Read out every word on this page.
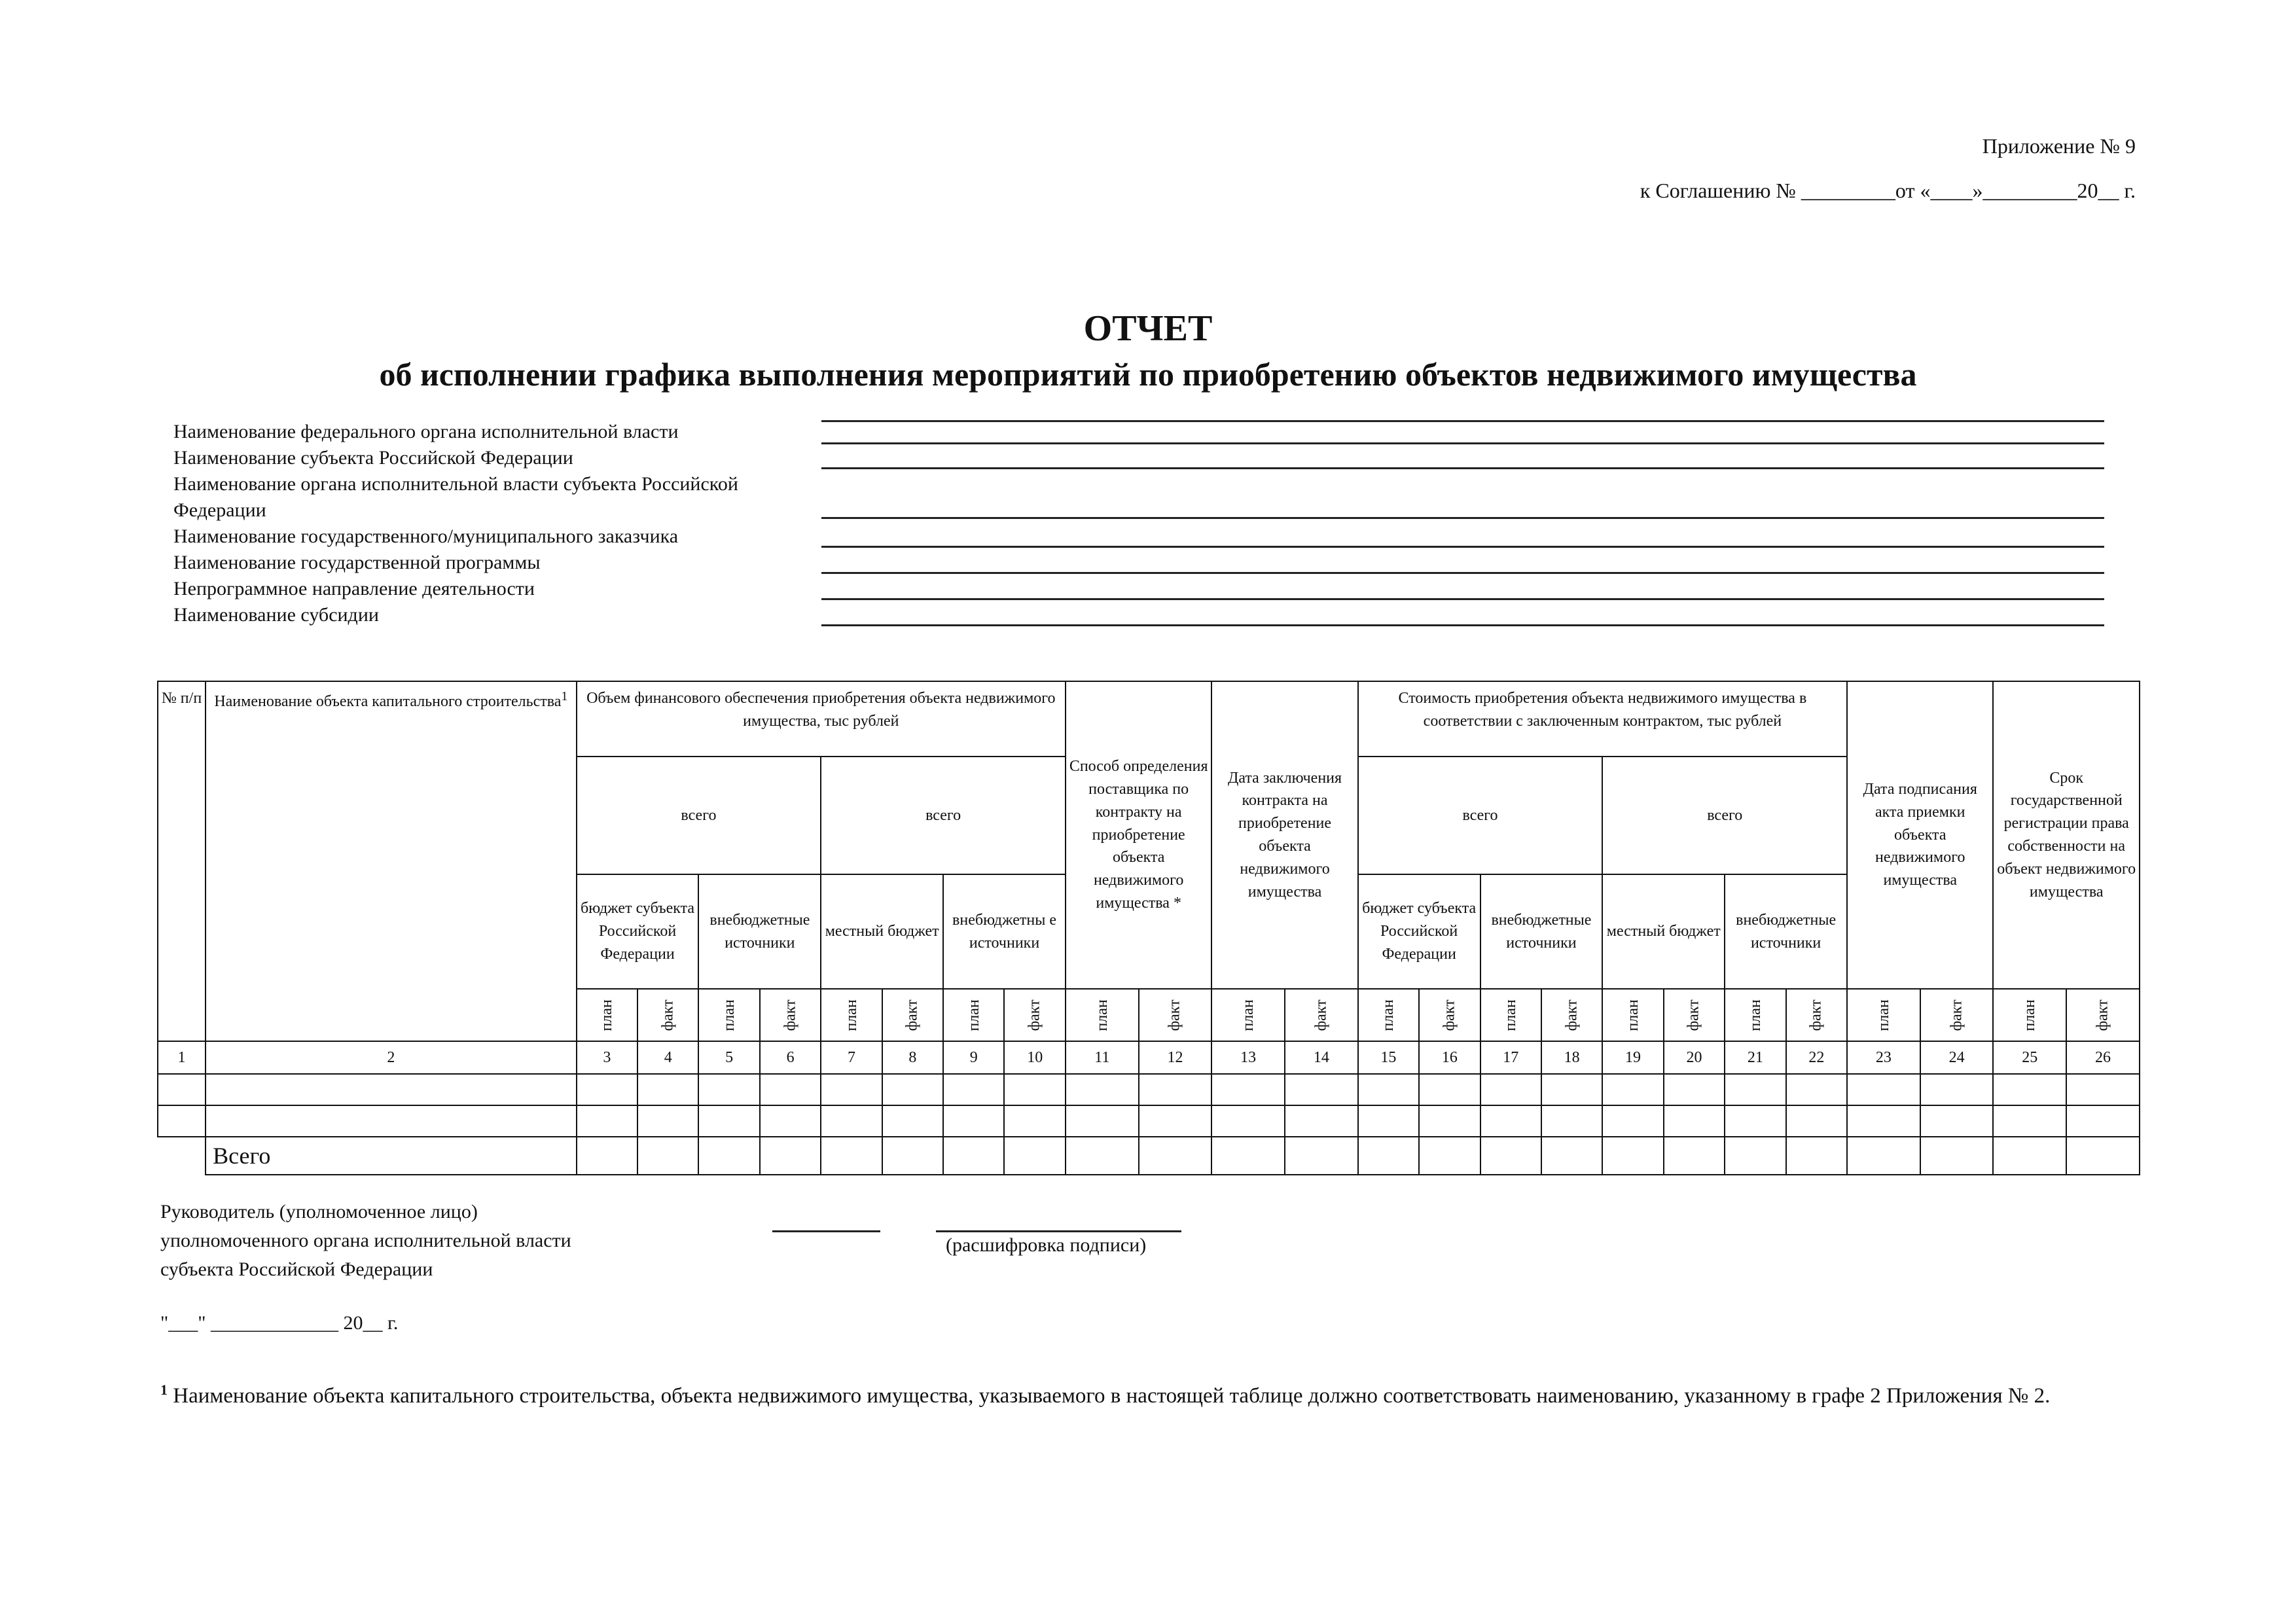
Приложение № 9
к Соглашению № _________от «____»_________20__ г.
ОТЧЕТ
об исполнении графика выполнения мероприятий по приобретению объектов недвижимого имущества
Наименование федерального органа исполнительной власти
Наименование субъекта Российской Федерации
Наименование органа исполнительной власти субъекта Российской Федерации
Наименование государственного/муниципального заказчика
Наименование государственной программы
Непрограммное направление деятельности
Наименование субсидии
№ п/п	Наименование объекта капитального строительства$^1$	Объем финансового обеспечения приобретения объекта недвижимого имущества, тыс рублей								Способ определения поставщика по контракту на приобретение объекта недвижимого имущества *		Дата заключения контракта на приобретение объекта недвижимого имущества		Стоимость приобретения объекта недвижимого имущества в соответствии с заключенным контрактом, тыс рублей								Дата подписания акта приемки объекта недвижимого имущества		Срок государственной регистрации права собственности на объект недвижимого имущества	
		всего				всего								всего				всего							
		бюджет субъекта Российской Федерации		внебюджетные источники		местный бюджет		внебюджетны е источники						бюджет субъекта Российской Федерации		внебюджетные источники		местный бюджет		внебюджетные источники					
		план	факт	план	факт	план	факт	план	факт	план	факт	план	факт	план	факт	план	факт	план	факт	план	факт	план	факт	план	факт
1	2	3	4	5	6	7	8	9	10	11	12	13	14	15	16	17	18	19	20	21	22	23	24	25	26

	Всего																								
Руководитель (уполномоченное лицо)
уполномоченного органа исполнительной власти
субъекта Российской Федерации
(расшифровка подписи)
"___" _____________ 20__ г.
$^1$ Наименование объекта капитального строительства, объекта недвижимого имущества, указываемого в настоящей таблице должно соответствовать наименованию, указанному в графе 2 Приложения № 2.
